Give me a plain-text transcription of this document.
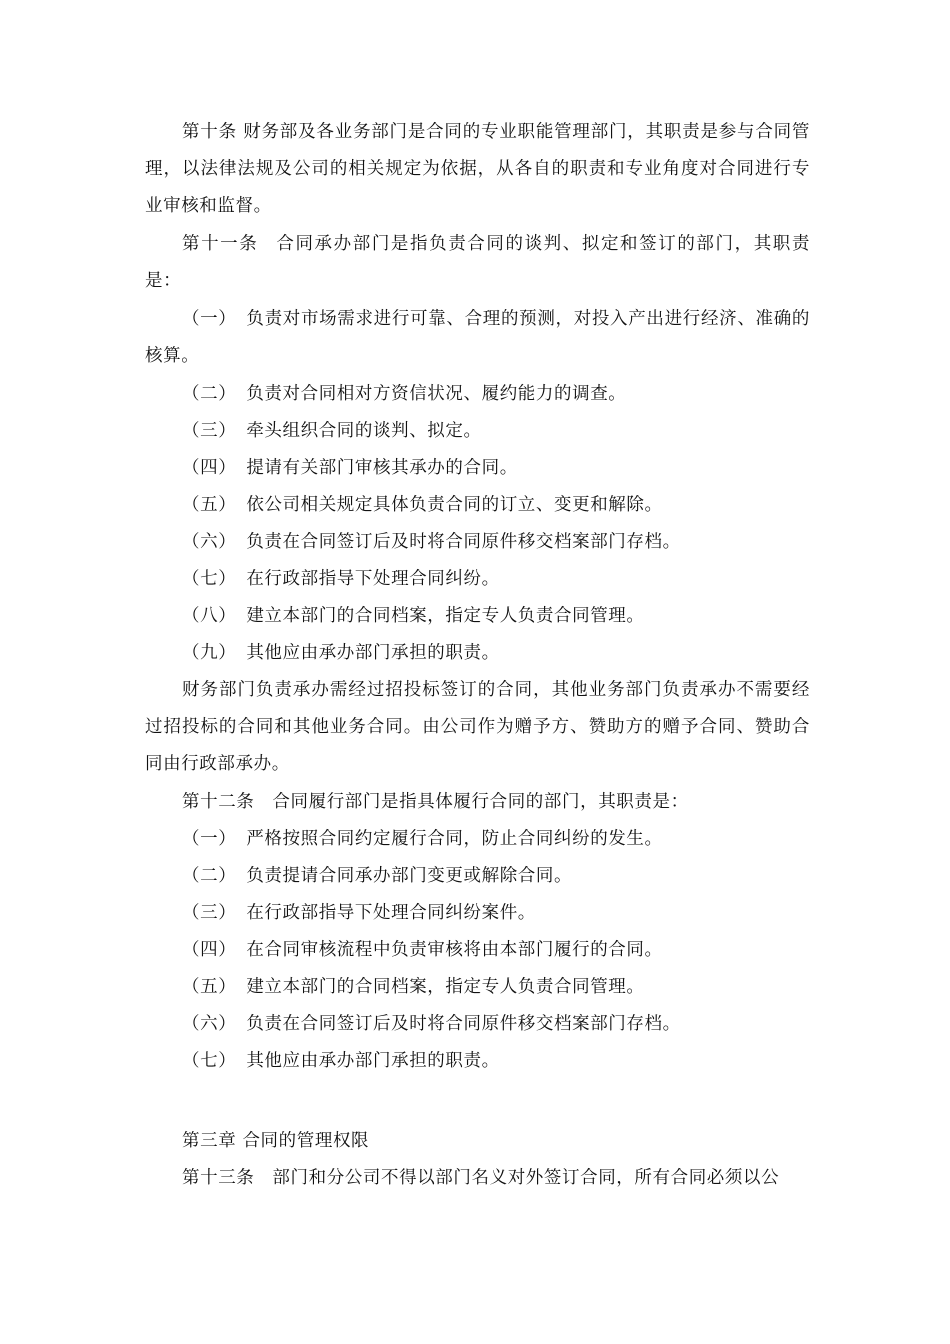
第十条 财务部及各业务部门是合同的专业职能管理部门，其职责是参与合同管理，以法律法规及公司的相关规定为依据，从各自的职责和专业角度对合同进行专业审核和监督。

第十一条 合同承办部门是指负责合同的谈判、拟定和签订的部门，其职责是：

（一） 负责对市场需求进行可靠、合理的预测，对投入产出进行经济、准确的核算。

（二） 负责对合同相对方资信状况、履约能力的调查。

（三） 牵头组织合同的谈判、拟定。

（四） 提请有关部门审核其承办的合同。

（五） 依公司相关规定具体负责合同的订立、变更和解除。

（六） 负责在合同签订后及时将合同原件移交档案部门存档。

（七） 在行政部指导下处理合同纠纷。

（八） 建立本部门的合同档案，指定专人负责合同管理。

（九） 其他应由承办部门承担的职责。

财务部门负责承办需经过招投标签订的合同，其他业务部门负责承办不需要经过招投标的合同和其他业务合同。由公司作为赠予方、赞助方的赠予合同、赞助合同由行政部承办。

第十二条 合同履行部门是指具体履行合同的部门，其职责是：

（一） 严格按照合同约定履行合同，防止合同纠纷的发生。

（二） 负责提请合同承办部门变更或解除合同。

（三） 在行政部指导下处理合同纠纷案件。

（四） 在合同审核流程中负责审核将由本部门履行的合同。

（五） 建立本部门的合同档案，指定专人负责合同管理。

（六） 负责在合同签订后及时将合同原件移交档案部门存档。

（七） 其他应由承办部门承担的职责。

第三章 合同的管理权限

第十三条 部门和分公司不得以部门名义对外签订合同，所有合同必须以公
